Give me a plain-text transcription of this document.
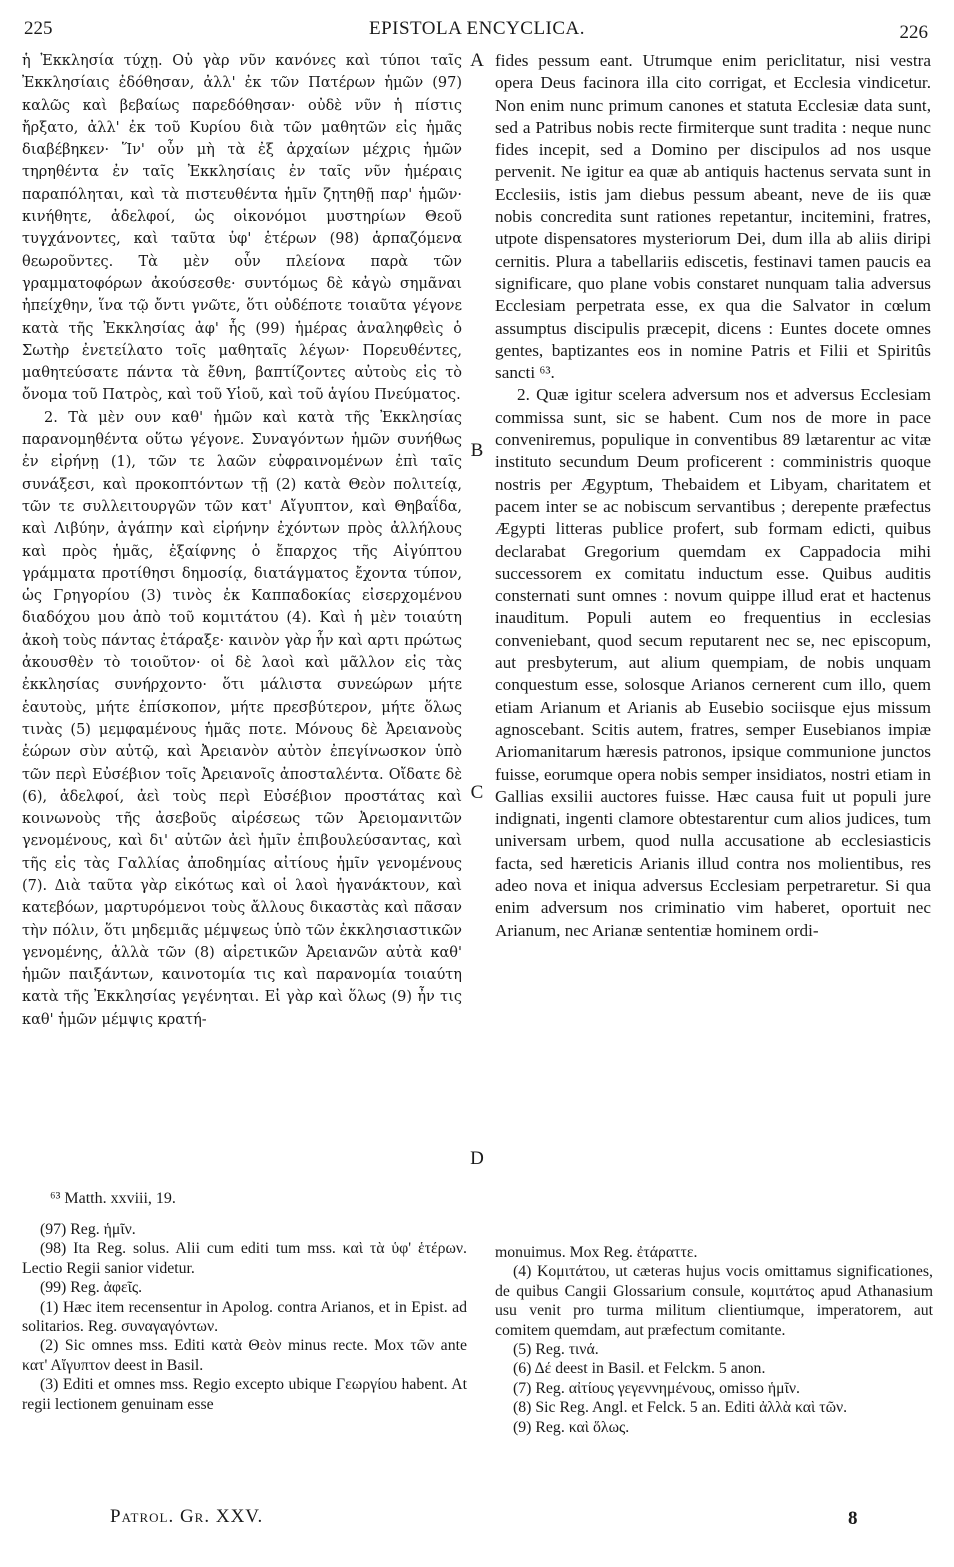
225	EPISTOLA ENCYCLICA.	226

ἡ Ἐκκλησία τύχῃ. Οὐ γὰρ νῦν κανόνες καὶ τύποι ταῖς Ἐκκλησίαις ἐδόθησαν, ἀλλ' ἐκ τῶν Πατέρων ἡμῶν (97) καλῶς καὶ βεβαίως παρεδόθησαν· οὐδὲ νῦν ἡ πίστις ἤρξατο, ἀλλ' ἐκ τοῦ Κυρίου διὰ τῶν μαθητῶν εἰς ἡμᾶς διαβέβηκεν· Ἵν' οὖν μὴ τὰ ἐξ ἀρχαίων μέχρις ἡμῶν τηρηθέντα ἐν ταῖς Ἐκκλησίαις ἐν ταῖς νῦν ἡμέραις παραπόληται, καὶ τὰ πιστευθέντα ἡμῖν ζητηθῇ παρ' ἡμῶν· κινήθητε, ἀδελφοί, ὡς οἰκονόμοι μυστηρίων Θεοῦ τυγχάνοντες, καὶ ταῦτα ὑφ' ἑτέρων (98) ἁρπαζόμενα θεωροῦντες. Τὰ μὲν οὖν πλείονα παρὰ τῶν γραμματοφόρων ἀκούσεσθε· συντόμως δὲ κἀγὼ σημᾶναι ἠπείχθην, ἵνα τῷ ὄντι γνῶτε, ὅτι οὐδέποτε τοιαῦτα γέγονε κατὰ τῆς Ἐκκλησίας ἀφ' ἧς (99) ἡμέρας ἀναληφθεὶς ὁ Σωτὴρ ἐνετείλατο τοῖς μαθηταῖς λέγων· Πορευθέντες, μαθητεύσατε πάντα τὰ ἔθνη, βαπτίζοντες αὐτοὺς εἰς τὸ ὄνομα τοῦ Πατρὸς, καὶ τοῦ Υἱοῦ, καὶ τοῦ ἁγίου Πνεύματος.

2. Τὰ μὲν ουν καθ' ἡμῶν καὶ κατὰ τῆς Ἐκκλησίας παρανομηθέντα οὕτω γέγονε. Συναγόντων ἡμῶν συνήθως ἐν εἰρήνῃ (1), τῶν τε λαῶν εὐφραινομένων ἐπὶ ταῖς συνάξεσι, καὶ προκοπτόντων τῇ (2) κατὰ Θεὸν πολιτείᾳ, τῶν τε συλλειτουργῶν τῶν κατ' Αἴγυπτον, καὶ Θηβαΐδα, καὶ Λιβύην, ἀγάπην καὶ εἰρήνην ἐχόντων πρὸς ἀλλήλους καὶ πρὸς ἡμᾶς, ἐξαίφνης ὁ ἔπαρχος τῆς Αἰγύπτου γράμματα προτίθησι δημοσίᾳ, διατάγματος ἔχοντα τύπον, ὡς Γρηγορίου (3) τινὸς ἐκ Καππαδοκίας εἰσερχομένου διαδόχου μου ἀπὸ τοῦ κομιτάτου (4). Καὶ ἡ μὲν τοιαύτη ἀκοὴ τοὺς πάντας ἐτάραξε· καινὸν γὰρ ἦν καὶ αρτι πρώτως ἀκουσθὲν τὸ τοιοῦτον· οἱ δὲ λαοὶ καὶ μᾶλλον εἰς τὰς ἐκκλησίας συνήρχοντο· ὅτι μάλιστα συνεώρων μήτε ἑαυτοὺς, μήτε ἐπίσκοπον, μήτε πρεσβύτερον, μήτε ὅλως τινὰς (5) μεμφαμένους ἡμᾶς ποτε. Μόνους δὲ Ἀρειανοὺς ἑώρων σὺν αὐτῷ, καὶ Ἀρειανὸν αὐτὸν ἐπεγίνωσκον ὑπὸ τῶν περὶ Εὐσέβιον τοῖς Ἀρειανοῖς ἀποσταλέντα. Οἴδατε δὲ (6), ἀδελφοί, ἀεὶ τοὺς περὶ Εὐσέβιον προστάτας καὶ κοινωνοὺς τῆς ἀσεβοῦς αἱρέσεως τῶν Ἀρειομανιτῶν γενομένους, καὶ δι' αὐτῶν ἀεὶ ἡμῖν ἐπιβουλεύσαντας, καὶ τῆς εἰς τὰς Γαλλίας ἀποδημίας αἰτίους ἡμῖν γενομένους (7). Διὰ ταῦτα γὰρ εἰκότως καὶ οἱ λαοὶ ἠγανάκτουν, καὶ κατεβόων, μαρτυρόμενοι τοὺς ἄλλους δικαστὰς καὶ πᾶσαν τὴν πόλιν, ὅτι μηδεμιᾶς μέμψεως ὑπὸ τῶν ἐκκλησιαστικῶν γενομένης, ἀλλὰ τῶν (8) αἱρετικῶν Ἀρειανῶν αὐτὰ καθ' ἡμῶν παιξάντων, καινοτομία τις καὶ παρανομία τοιαύτη κατὰ τῆς Ἐκκλησίας γεγένηται. Εἰ γὰρ καὶ ὅλως (9) ἦν τις καθ' ἡμῶν μέμψις κρατή-

A
B
C
D

fides pessum eant. Utrumque enim periclitatur, nisi vestra opera Deus facinora illa cito corrigat, et Ecclesia vindicetur. Non enim nunc primum canones et statuta Ecclesiæ data sunt, sed a Patribus nobis recte firmiterque sunt tradita : neque nunc fides incepit, sed a Domino per discipulos ad nos usque pervenit. Ne igitur ea quæ ab antiquis hactenus servata sunt in Ecclesiis, istis jam diebus pessum abeant, neve de iis quæ nobis concredita sunt rationes repetantur, incitemini, fratres, utpote dispensatores mysteriorum Dei, dum illa ab aliis diripi cernitis. Plura a tabellariis ediscetis, festinavi tamen paucis ea significare, quo plane vobis constaret nunquam talia adversus Ecclesiam perpetrata esse, ex qua die Salvator in cœlum assumptus discipulis præcepit, dicens : Euntes docete omnes gentes, baptizantes eos in nomine Patris et Filii et Spiritûs sancti ⁶³.

2. Quæ igitur scelera adversum nos et adversus Ecclesiam commissa sunt, sic se habent. Cum nos de more in pace conveniremus, populique in conventibus 89 lætarentur ac vitæ instituto secundum Deum proficerent : comministris quoque nostris per Ægyptum, Thebaidem et Libyam, charitatem et pacem inter se ac nobiscum servantibus ; derepente præfectus Ægypti litteras publice profert, sub formam edicti, quibus declarabat Gregorium quemdam ex Cappadocia mihi successorem ex comitatu inductum esse. Quibus auditis consternati sunt omnes : novum quippe illud erat et hactenus inauditum. Populi autem eo frequentius in ecclesias conveniebant, quod secum reputarent nec se, nec episcopum, aut presbyterum, aut alium quempiam, de nobis unquam conquestum esse, solosque Arianos cernerent cum illo, quem etiam Arianum et Arianis ab Eusebio sociisque ejus missum agnoscebant. Scitis autem, fratres, semper Eusebianos impiæ Ariomanitarum hæresis patronos, ipsique communione junctos fuisse, eorumque opera nobis semper insidiatos, nostri etiam in Gallias exsilii auctores fuisse. Hæc causa fuit ut populi jure indignati, ingenti clamore obtestarentur cum alios judices, tum universam urbem, quod nulla accusatione ab ecclesiasticis facta, sed hæreticis Arianis illud contra nos molientibus, res adeo nova et iniqua adversus Ecclesiam perpetraretur. Si qua enim adversum nos criminatio vim haberet, oportuit nec Arianum, nec Arianæ sententiæ hominem ordi-

⁶³ Matth. xxviii, 19.

(97) Reg. ἡμῖν.

(98) Ita Reg. solus. Alii cum editi tum mss. καὶ τὰ ὑφ' ἑτέρων. Lectio Regii sanior videtur.

(99) Reg. ἀφεῖς.

(1) Hæc item recensentur in Apolog. contra Arianos, et in Epist. ad solitarios. Reg. συναγαγόντων.

(2) Sic omnes mss. Editi κατὰ Θεὸν minus recte. Mox τῶν ante κατ' Αἴγυπτον deest in Basil.

(3) Editi et omnes mss. Regio excepto ubique Γεωργίου habent. At regii lectionem genuinam esse

monuimus. Mox Reg. ἐτάραττε.

(4) Κομιτάτου, ut cæteras hujus vocis omittamus significationes, de quibus Cangii Glossarium consule, κομιτάτος apud Athanasium usu venit pro turma militum clientiumque, imperatorem, aut comitem quemdam, aut præfectum comitante.

(5) Reg. τινά.

(6) Δέ deest in Basil. et Felckm. 5 anon.

(7) Reg. αἰτίους γεγεννημένους, omisso ἡμῖν.

(8) Sic Reg. Angl. et Felck. 5 an. Editi ἀλλὰ καὶ τῶν.

(9) Reg. καὶ ὅλως.

Patrol. Gr. XXV.	8
